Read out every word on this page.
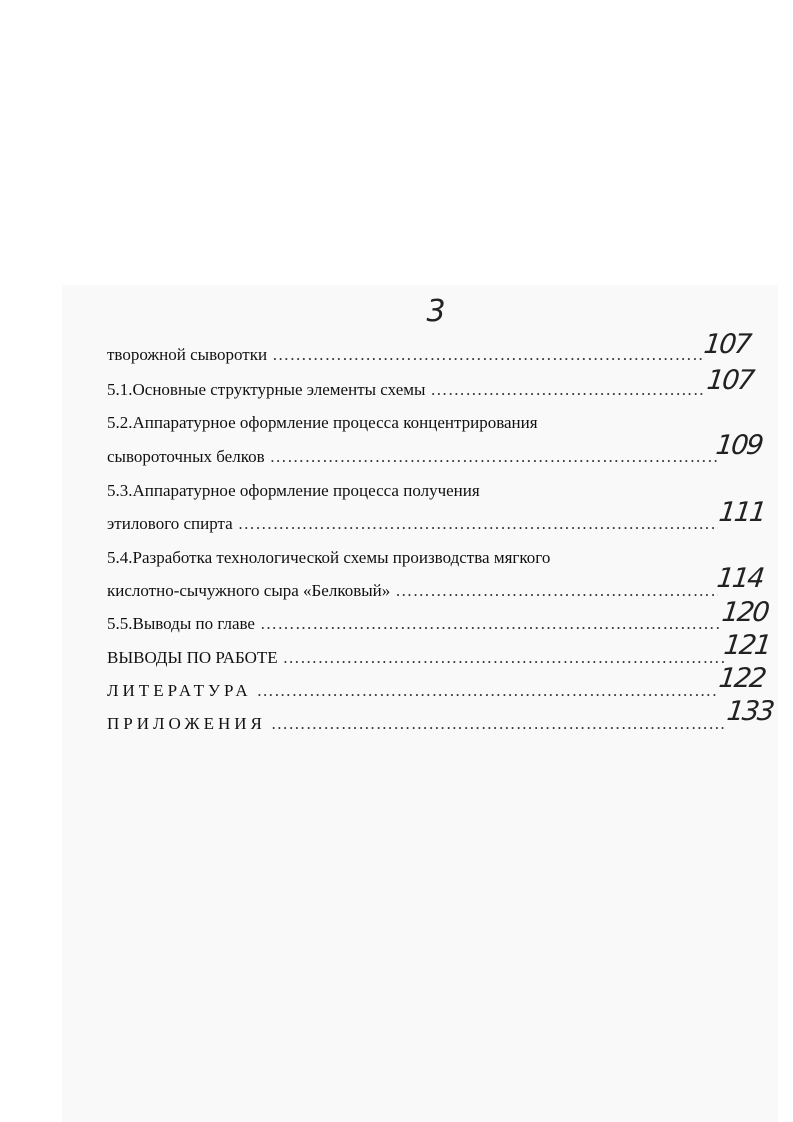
3
творожной сыворотки ……………………………………………………………………………………………………………………………………	107
5.1.Основные структурные элементы схемы ……………………………………………………………………………………………………………………………………	107
5.2.Аппаратурное оформление процесса концентрирования
сывороточных белков ……………………………………………………………………………………………………………………………………	109
5.3.Аппаратурное оформление процесса получения
этилового спирта ……………………………………………………………………………………………………………………………………	111
5.4.Разработка технологической схемы производства мягкого
кислотно-сычужного сыра «Белковый» ……………………………………………………………………………………………………………………………………	114
5.5.Выводы по главе ……………………………………………………………………………………………………………………………………	120
ВЫВОДЫ ПО РАБОТЕ ……………………………………………………………………………………………………………………………………	121
ЛИТЕРАТУРА ……………………………………………………………………………………………………………………………………	122
ПРИЛОЖЕНИЯ ……………………………………………………………………………………………………………………………………	133
